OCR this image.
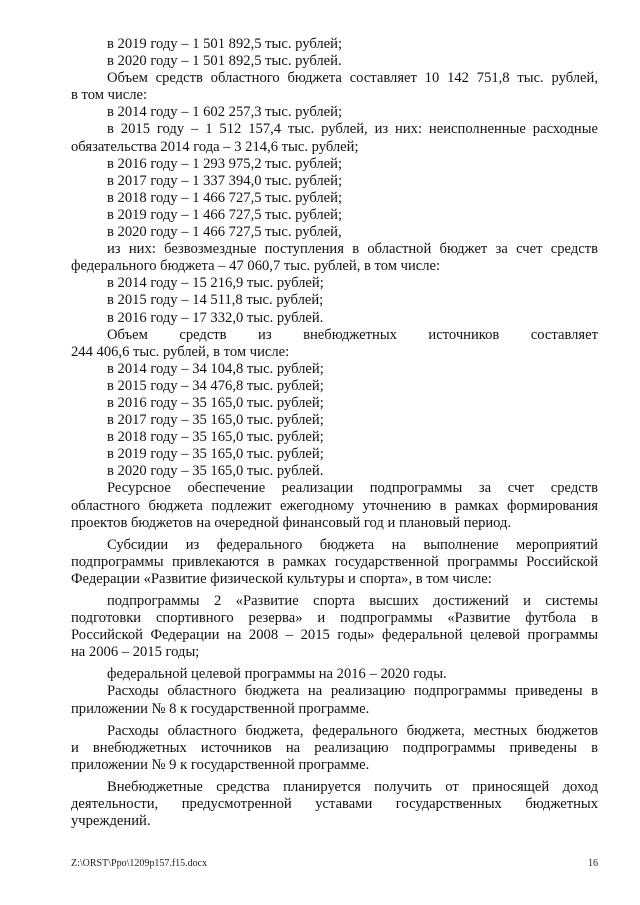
в 2019 году – 1 501 892,5 тыс. рублей;
в 2020 году – 1 501 892,5 тыс. рублей.
Объем средств областного бюджета составляет 10 142 751,8 тыс. рублей,
в том числе:
в 2014 году – 1 602 257,3 тыс. рублей;
в 2015 году – 1 512 157,4 тыс. рублей, из них: неисполненные расходные
обязательства 2014 года – 3 214,6 тыс. рублей;
в 2016 году – 1 293 975,2 тыс. рублей;
в 2017 году – 1 337 394,0 тыс. рублей;
в 2018 году – 1 466 727,5 тыс. рублей;
в 2019 году – 1 466 727,5 тыс. рублей;
в 2020 году – 1 466 727,5 тыс. рублей,
из них: безвозмездные поступления в областной бюджет за счет средств
федерального бюджета – 47 060,7 тыс. рублей, в том числе:
в 2014 году – 15 216,9 тыс. рублей;
в 2015 году – 14 511,8 тыс. рублей;
в 2016 году – 17 332,0 тыс. рублей.
Объем средств из внебюджетных источников составляет
244 406,6 тыс. рублей, в том числе:
в 2014 году – 34 104,8 тыс. рублей;
в 2015 году – 34 476,8 тыс. рублей;
в 2016 году – 35 165,0 тыс. рублей;
в 2017 году – 35 165,0 тыс. рублей;
в 2018 году – 35 165,0 тыс. рублей;
в 2019 году – 35 165,0 тыс. рублей;
в 2020 году – 35 165,0 тыс. рублей.
Ресурсное обеспечение реализации подпрограммы за счет средств
областного бюджета подлежит ежегодному уточнению в рамках формирования
проектов бюджетов на очередной финансовый год и плановый период.
Субсидии из федерального бюджета на выполнение мероприятий
подпрограммы привлекаются в рамках государственной программы Российской
Федерации «Развитие физической культуры и спорта», в том числе:
подпрограммы 2 «Развитие спорта высших достижений и системы
подготовки спортивного резерва» и подпрограммы «Развитие футбола в
Российской Федерации на 2008 – 2015 годы» федеральной целевой программы
на 2006 – 2015 годы;
федеральной целевой программы на 2016 – 2020 годы.
Расходы областного бюджета на реализацию подпрограммы приведены в
приложении № 8 к государственной программе.
Расходы областного бюджета, федерального бюджета, местных бюджетов
и внебюджетных источников на реализацию подпрограммы приведены в
приложении № 9 к государственной программе.
Внебюджетные средства планируется получить от приносящей доход
деятельности, предусмотренной уставами государственных бюджетных
учреждений.
Z:\ORST\Ppo\1209p157.f15.docx	16
